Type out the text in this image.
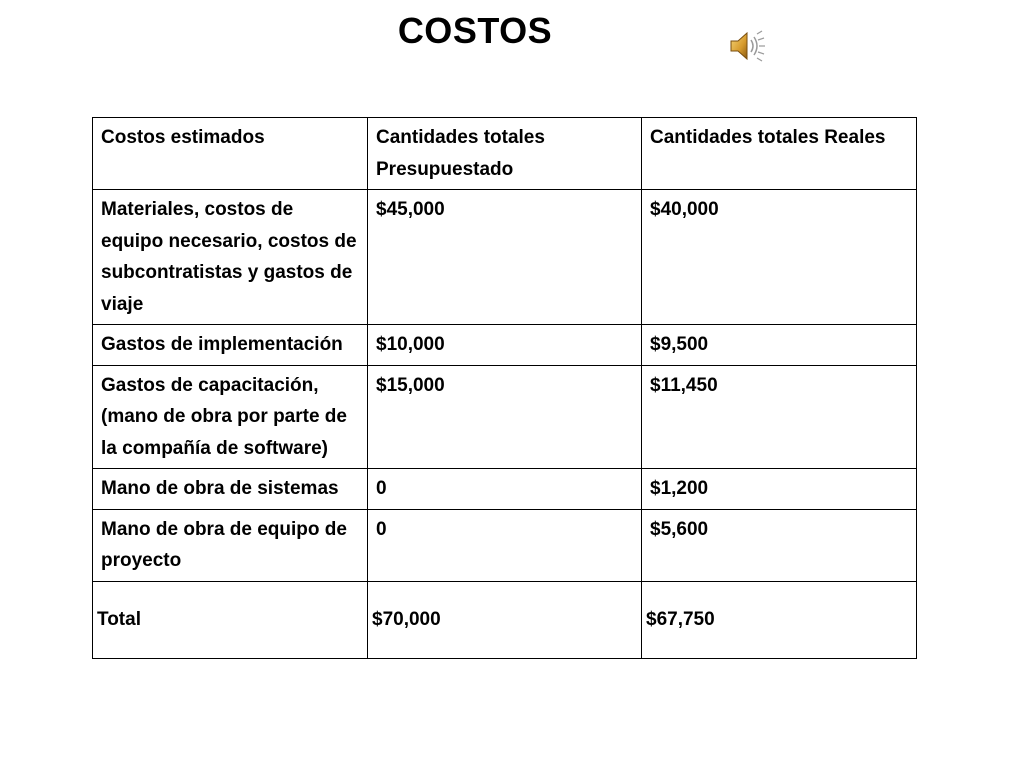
COSTOS
Costos estimados	Cantidades totales Presupuestado	Cantidades totales Reales
Materiales, costos de equipo necesario, costos de subcontratistas y gastos de viaje	$45,000	$40,000
Gastos de implementación	$10,000	$9,500
Gastos de capacitación, (mano de obra por parte de la compañía de software)	$15,000	$11,450
Mano de obra de sistemas	0	$1,200
Mano de obra de equipo de proyecto	0	$5,600
Total	$70,000	$67,750
